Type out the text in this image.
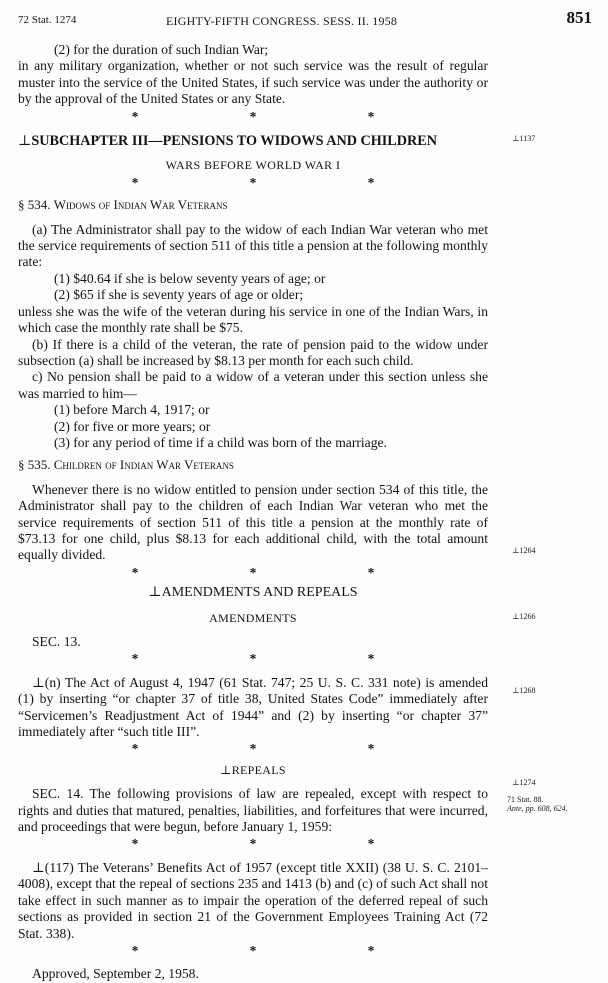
72 Stat. 1274	EIGHTY-FIFTH CONGRESS. SESS. II. 1958	851

(2) for the duration of such Indian War;

in any military organization, whether or not such service was the result of regular muster into the service of the United States, if such service was under the authority or by the approval of the United States or any State.

*	*	*
⊥SUBCHAPTER III—PENSIONS TO WIDOWS AND CHILDREN
WARS BEFORE WORLD WAR I
*	*	*
§ 534. Widows of Indian War Veterans

(a) The Administrator shall pay to the widow of each Indian War veteran who met the service requirements of section 511 of this title a pension at the following monthly rate:

(1) $40.64 if she is below seventy years of age; or

(2) $65 if she is seventy years of age or older;

unless she was the wife of the veteran during his service in one of the Indian Wars, in which case the monthly rate shall be $75.

(b) If there is a child of the veteran, the rate of pension paid to the widow under subsection (a) shall be increased by $8.13 per month for each such child.

c) No pension shall be paid to a widow of a veteran under this section unless she was married to him—

(1) before March 4, 1917; or

(2) for five or more years; or

(3) for any period of time if a child was born of the marriage.

§ 535. Children of Indian War Veterans

Whenever there is no widow entitled to pension under section 534 of this title, the Administrator shall pay to the children of each Indian War veteran who met the service requirements of section 511 of this title a pension at the monthly rate of $73.13 for one child, plus $8.13 for each additional child, with the total amount equally divided.

*	*	*
⊥AMENDMENTS AND REPEALS
AMENDMENTS

SEC. 13.

*	*	*

⊥(n) The Act of August 4, 1947 (61 Stat. 747; 25 U. S. C. 331 note) is amended (1) by inserting “or chapter 37 of title 38, United States Code” immediately after “Servicemen’s Readjustment Act of 1944” and (2) by inserting “or chapter 37” immediately after “such title III”.

*	*	*
⊥REPEALS

SEC. 14. The following provisions of law are repealed, except with respect to rights and duties that matured, penalties, liabilities, and forfeitures that were incurred, and proceedings that were begun, before January 1, 1959:

*	*	*

⊥(117) The Veterans’ Benefits Act of 1957 (except title XXII) (38 U. S. C. 2101–4008), except that the repeal of sections 235 and 1413 (b) and (c) of such Act shall not take effect in such manner as to impair the operation of the deferred repeal of such sections as provided in section 21 of the Government Employees Training Act (72 Stat. 338).

*	*	*

Approved, September 2, 1958.

⊥1137
⊥1264
⊥1266
⊥1268
⊥1274
71 Stat. 88.
Ante, pp. 608, 624.
